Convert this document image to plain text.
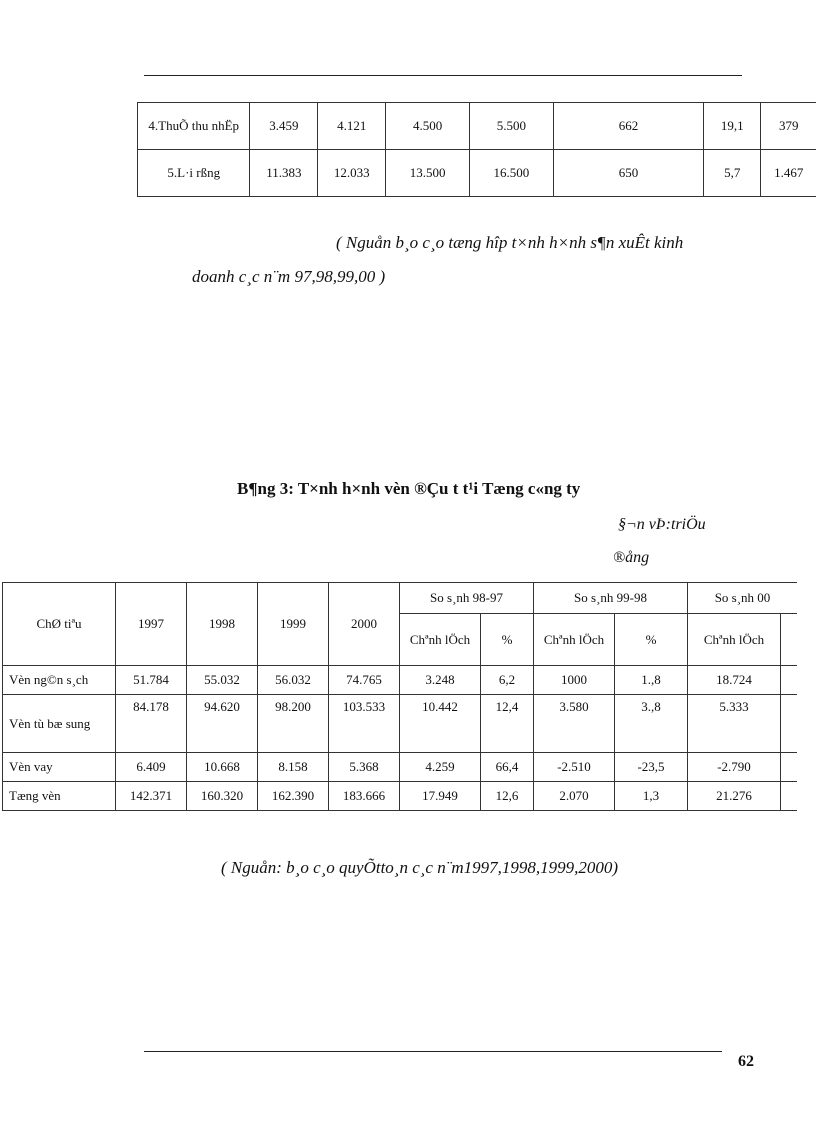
4.ThuÕ thu nhËp	3.459	4.121	4.500	5.500	662	19,1	379
5.L·i rßng	11.383	12.033	13.500	16.500	650	5,7	1.467
( Nguån b¸o c¸o tæng hîp t×nh h×nh s¶n xuÊt kinh
doanh c¸c n¨m 97,98,99,00 )
B¶ng 3: T×nh h×nh vèn ®Çu t t¹i Tæng c«ng ty
§¬n vÞ:triÖu
®ång
ChØ tiªu	1997	1998	1999	2000	So s¸nh 98-97		So s¸nh 99-98		So s¸nh 00	
					Chªnh lÖch	%	Chªnh lÖch	%	Chªnh lÖch	
Vèn ng©n s¸ch	51.784	55.032	56.032	74.765	3.248	6,2	1000	1.,8	18.724	
Vèn tù bæ sung	84.178	94.620	98.200	103.533	10.442	12,4	3.580	3.,8	5.333	
Vèn vay	6.409	10.668	8.158	5.368	4.259	66,4	-2.510	-23,5	-2.790	
Tæng vèn	142.371	160.320	162.390	183.666	17.949	12,6	2.070	1,3	21.276	
( Nguån: b¸o c¸o quyÕtto¸n c¸c n¨m1997,1998,1999,2000)
62
